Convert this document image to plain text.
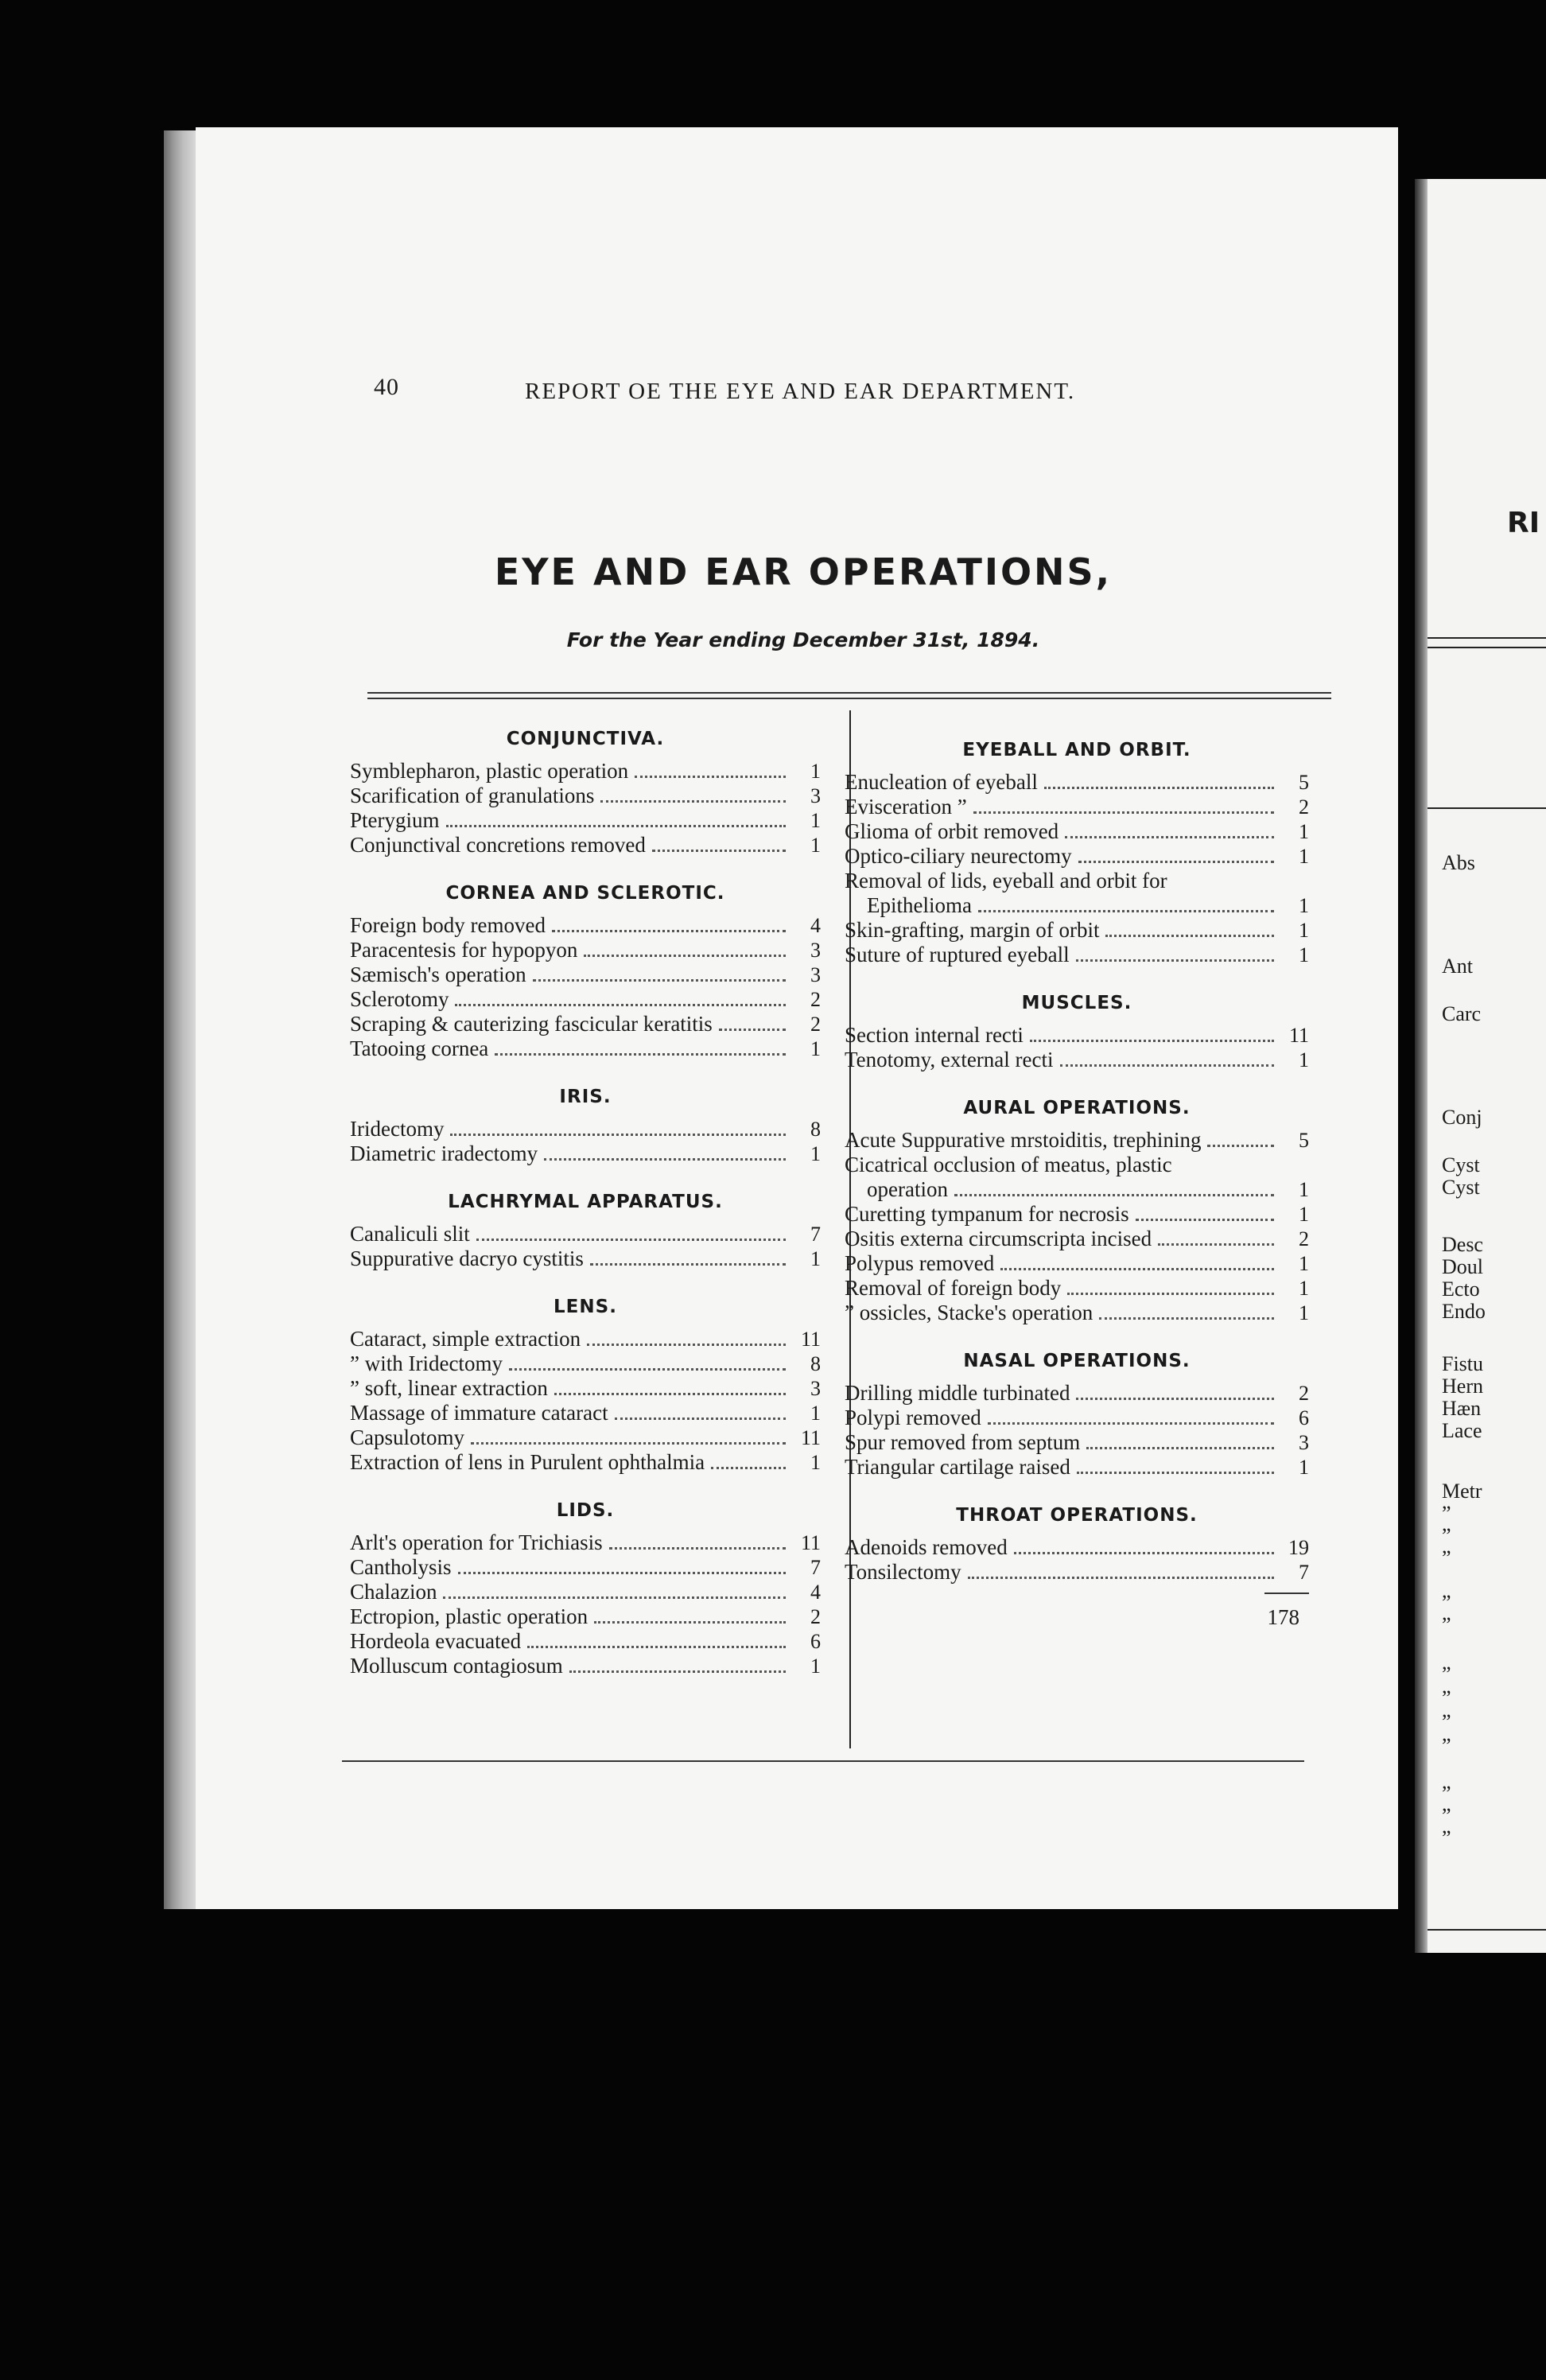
RI
Abs
Ant
Carc
Conj
Cyst
Cyst
Desc
Doul
Ecto
Endo
Fistu
Hern
Hæn
Lace
Metr
”
”
”
”
”
”
”
”
”
”
”
”
40	REPORT OE THE EYE AND EAR DEPARTMENT.
EYE AND EAR OPERATIONS,
For the Year ending December 31st, 1894.
CONJUNCTIVA.
Symblepharon, plastic operation	1
Scarification of granulations	3
Pterygium	1
Conjunctival concretions removed	1
CORNEA AND SCLEROTIC.
Foreign body removed	4
Paracentesis for hypopyon	3
Sæmisch's operation	3
Sclerotomy	2
Scraping & cauterizing fascicular keratitis	2
Tatooing cornea	1
IRIS.
Iridectomy	8
Diametric iradectomy	1
LACHRYMAL APPARATUS.
Canaliculi slit	7
Suppurative dacryo cystitis	1
LENS.
Cataract, simple extraction	11
” with Iridectomy	8
” soft, linear extraction	3
Massage of immature cataract	1
Capsulotomy	11
Extraction of lens in Purulent ophthalmia	1
LIDS.
Arlt's operation for Trichiasis	11
Cantholysis	7
Chalazion	4
Ectropion, plastic operation	2
Hordeola evacuated	6
Molluscum contagiosum	1
EYEBALL AND ORBIT.
Enucleation of eyeball	5
Evisceration ”	2
Glioma of orbit removed	1
Optico-ciliary neurectomy	1
Removal of lids, eyeball and orbit for
Epithelioma	1
Skin-grafting, margin of orbit	1
Suture of ruptured eyeball	1
MUSCLES.
Section internal recti	11
Tenotomy, external recti	1
AURAL OPERATIONS.
Acute Suppurative mrstoiditis, trephining	5
Cicatrical occlusion of meatus, plastic
operation	1
Curetting tympanum for necrosis	1
Ositis externa circumscripta incised	2
Polypus removed	1
Removal of foreign body	1
” ossicles, Stacke's operation	1
NASAL OPERATIONS.
Drilling middle turbinated	2
Polypi removed	6
Spur removed from septum	3
Triangular cartilage raised	1
THROAT OPERATIONS.
Adenoids removed	19
Tonsilectomy	7
178
